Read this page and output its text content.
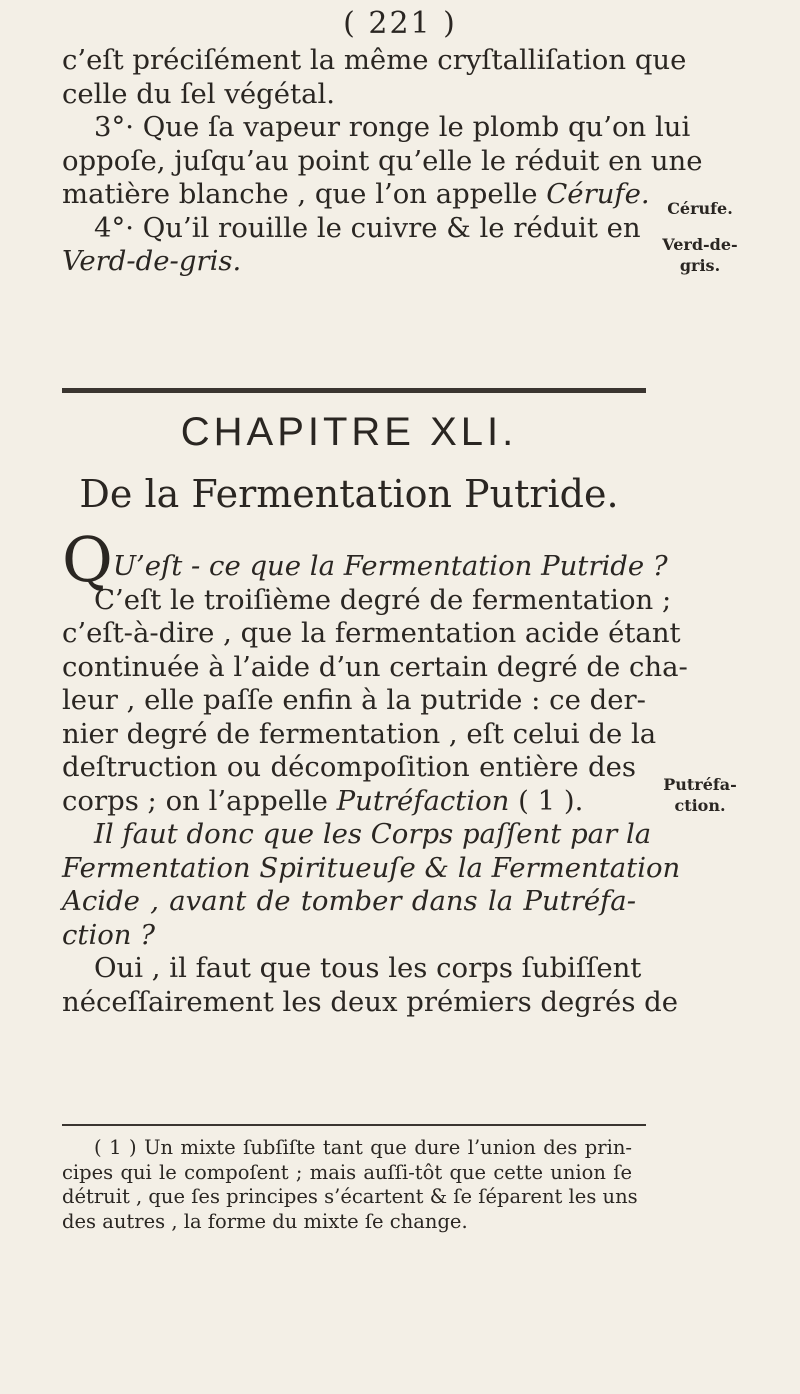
( 221 )
c’eſt préciſément la même cryſtalliſation que
celle du ſel végétal.
3°· Que ſa vapeur ronge le plomb qu’on lui
oppoſe, juſqu’au point qu’elle le réduit en une
matière blanche , que l’on appelle Cérufe.
4°· Qu’il rouille le cuivre & le réduit en
Verd-de-gris.
Cérufe.
Verd-de-
gris.
Putréfa-
ction.
CHAPITRE XLI.
De la Fermentation Putride.
QU’eſt - ce que la Fermentation Putride ?
C’eſt le troiſième degré de fermentation ;
c’eſt-à-dire , que la fermentation acide étant
continuée à l’aide d’un certain degré de cha-
leur , elle paſſe enfin à la putride : ce der-
nier degré de fermentation , eſt celui de la
deſtruction ou décompoſition entière des
corps ; on l’appelle Putréfaction ( 1 ).
Il faut donc que les Corps paſſent par la
Fermentation Spiritueuſe & la Fermentation
Acide , avant de tomber dans la Putréfa-
ction ?
Oui , il faut que tous les corps ſubiſſent
néceſſairement les deux prémiers degrés de
( 1 ) Un mixte ſubſiſte tant que dure l’union des prin-
cipes qui le compoſent ; mais auſſi-tôt que cette union ſe
détruit , que ſes principes s’écartent & ſe ſéparent les uns
des autres , la forme du mixte ſe change.
